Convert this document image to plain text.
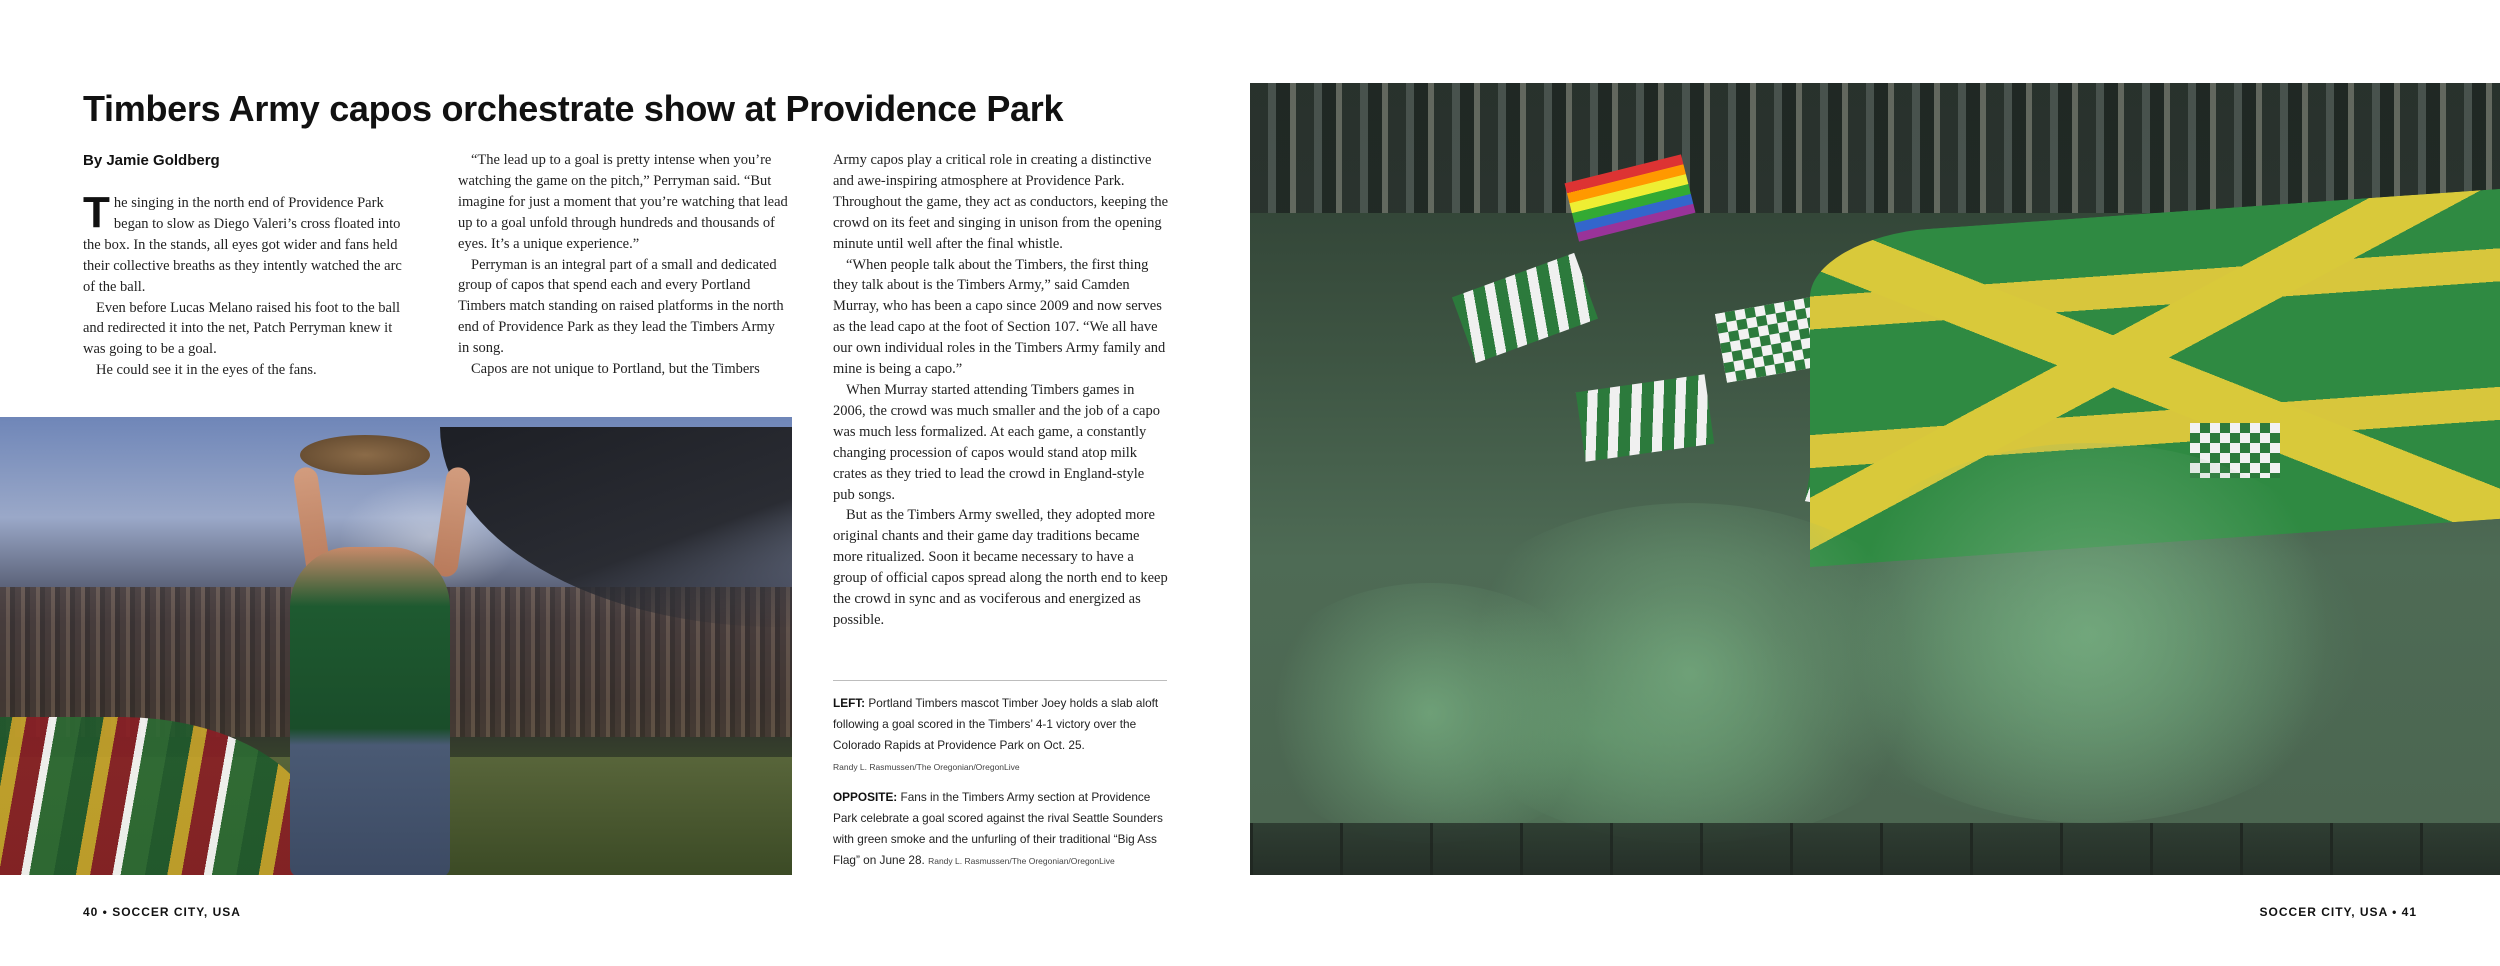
Timbers Army capos orchestrate show at Providence Park
By Jamie Goldberg

The singing in the north end of Providence Park began to slow as Diego Valeri’s cross floated into the box. In the stands, all eyes got wider and fans held their collective breaths as they intently watched the arc of the ball.

Even before Lucas Melano raised his foot to the ball and redirected it into the net, Patch Perryman knew it was going to be a goal.

He could see it in the eyes of the fans.

“The lead up to a goal is pretty intense when you’re watching the game on the pitch,” Perryman said. “But imagine for just a moment that you’re watching that lead up to a goal unfold through hundreds and thousands of eyes. It’s a unique experience.”

Perryman is an integral part of a small and dedicated group of capos that spend each and every Portland Timbers match standing on raised platforms in the north end of Providence Park as they lead the Timbers Army in song.

Capos are not unique to Portland, but the Timbers

Army capos play a critical role in creating a distinctive and awe-inspiring atmosphere at Providence Park. Throughout the game, they act as conductors, keeping the crowd on its feet and singing in unison from the opening minute until well after the final whistle.

“When people talk about the Timbers, the first thing they talk about is the Timbers Army,” said Camden Murray, who has been a capo since 2009 and now serves as the lead capo at the foot of Section 107. “We all have our own individual roles in the Timbers Army family and mine is being a capo.”

When Murray started attending Timbers games in 2006, the crowd was much smaller and the job of a capo was much less formalized. At each game, a constantly changing procession of capos would stand atop milk crates as they tried to lead the crowd in England-style pub songs.

But as the Timbers Army swelled, they adopted more original chants and their game day traditions became more ritualized. Soon it became necessary to have a group of official capos spread along the north end to keep the crowd in sync and as vociferous and energized as possible.

LEFT: Portland Timbers mascot Timber Joey holds a slab aloft following a goal scored in the Timbers’ 4-1 victory over the Colorado Rapids at Providence Park on Oct. 25.
Randy L. Rasmussen/The Oregonian/OregonLive
OPPOSITE: Fans in the Timbers Army section at Providence Park celebrate a goal scored against the rival Seattle Sounders with green smoke and the unfurling of their traditional “Big Ass Flag” on June 28. Randy L. Rasmussen/The Oregonian/OregonLive
40 • SOCCER CITY, USA	SOCCER CITY, USA • 41
